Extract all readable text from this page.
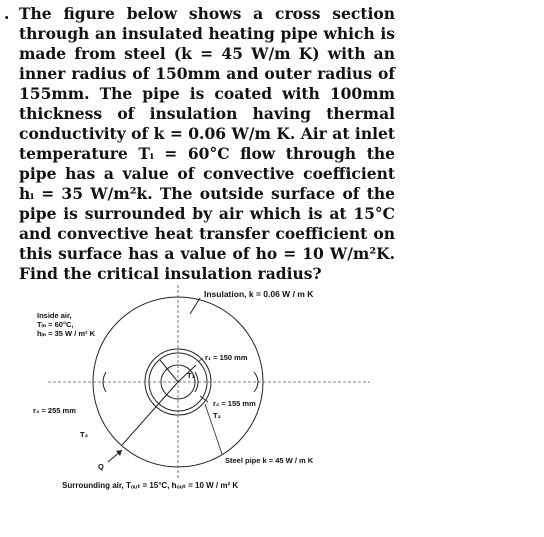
. The figure below shows a cross section through an insulated heating pipe which is made from steel (k = 45 W/m K) with an inner radius of 150mm and outer radius of 155mm. The pipe is coated with 100mm thickness of insulation having thermal conductivity of k = 0.06 W/m K. Air at inlet temperature Tᵢ = 60°C flow through the pipe has a value of convective coefficient hᵢ = 35 W/m²k. The outside surface of the pipe is surrounded by air which is at 15°C and convective heat transfer coefficient on this surface has a value of ho = 10 W/m²K. Find the critical insulation radius?

Insulation, k = 0.06 W / m K
Inside air,
Tᵢₙ = 60°C,
hᵢₙ = 35 W / m² K
r₁ = 150 mm
T₁
r₂ = 155 mm
T₂
r₃ = 255 mm
T₃
Q
Steel pipe k = 45 W / m K
Surrounding air, Tₒᵤₜ = 15°C, hₒᵤₜ = 10 W / m² K
